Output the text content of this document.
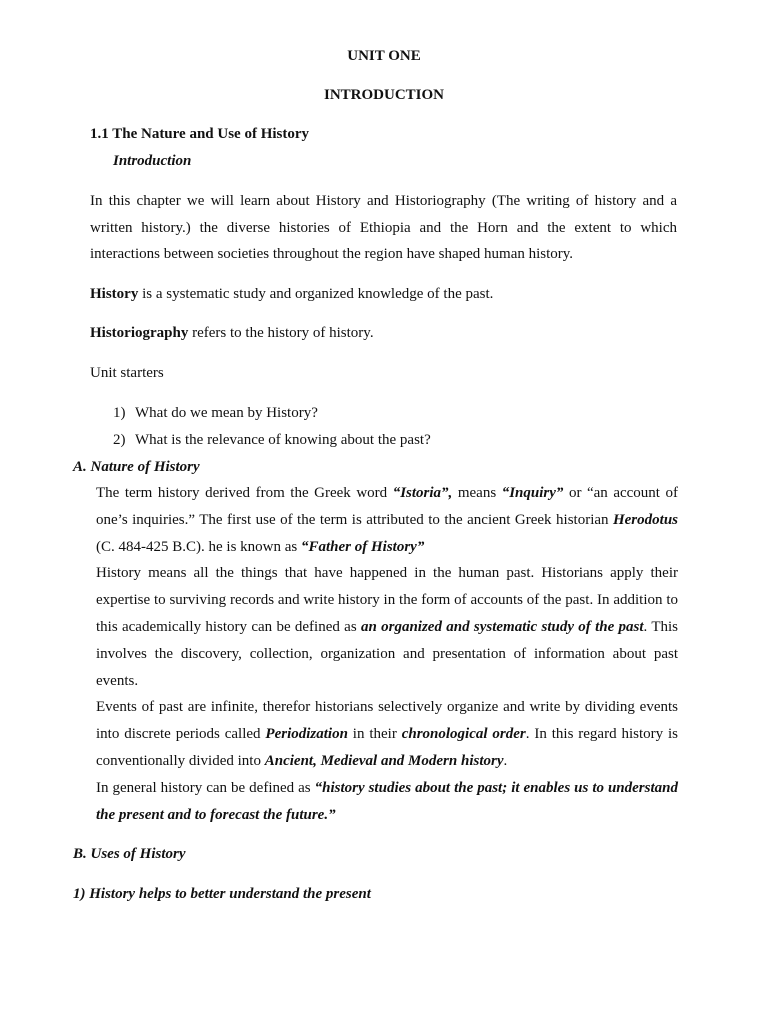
UNIT ONE
INTRODUCTION
1.1 The Nature and Use of History
Introduction

In this chapter we will learn about History and Historiography (The writing of history and a written history.) the diverse histories of Ethiopia and the Horn and the extent to which interactions between societies throughout the region have shaped human history.

History is a systematic study and organized knowledge of the past.
Historiography refers to the history of history.
Unit starters
1) What do we mean by History?
2) What is the relevance of knowing about the past?
A. Nature of History

The term history derived from the Greek word “Istoria”, means “Inquiry” or “an account of one’s inquiries.” The first use of the term is attributed to the ancient Greek historian Herodotus (C. 484-425 B.C). he is known as “Father of History”

History means all the things that have happened in the human past. Historians apply their expertise to surviving records and write history in the form of accounts of the past. In addition to this academically history can be defined as an organized and systematic study of the past. This involves the discovery, collection, organization and presentation of information about past events.

Events of past are infinite, therefor historians selectively organize and write by dividing events into discrete periods called Periodization in their chronological order. In this regard history is conventionally divided into Ancient, Medieval and Modern history.

In general history can be defined as “history studies about the past; it enables us to understand the present and to forecast the future.”

B. Uses of History
1) History helps to better understand the present
